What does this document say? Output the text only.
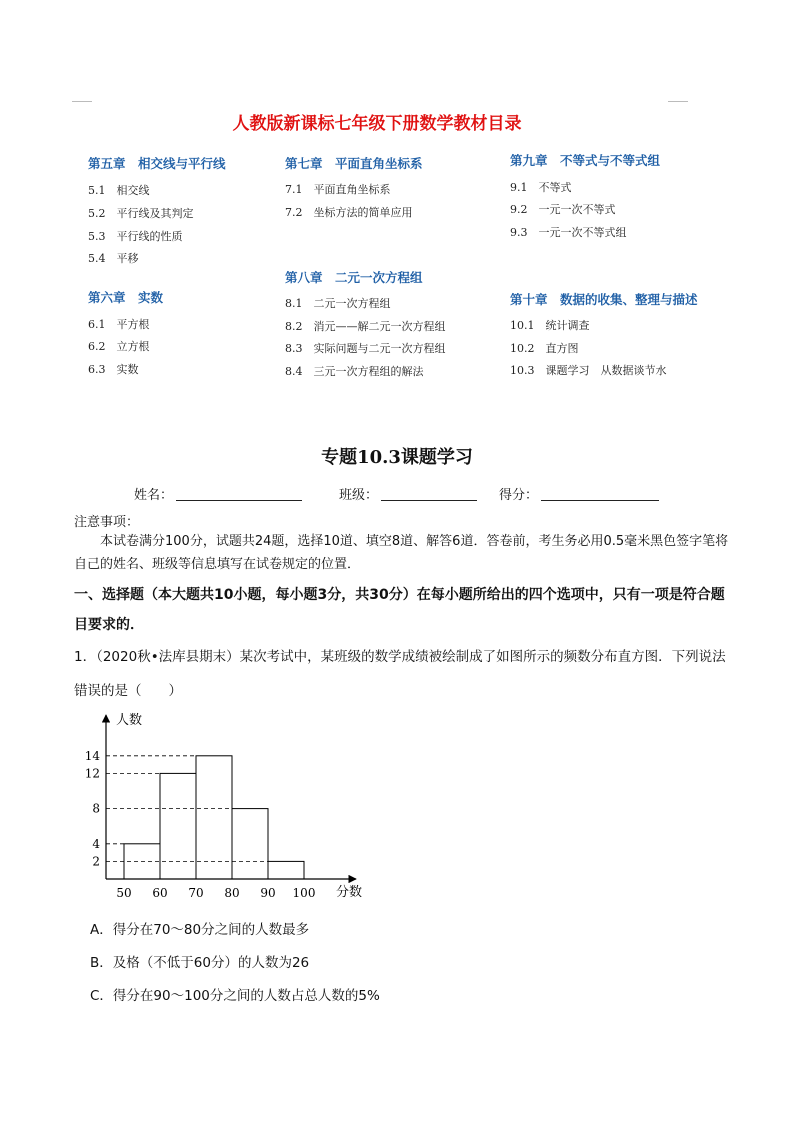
人教版新课标七年级下册数学教材目录
第五章　相交线与平行线
5.1　相交线
5.2　平行线及其判定
5.3　平行线的性质
5.4　平移
第六章　实数
6.1　平方根
6.2　立方根
6.3　实数
第七章　平面直角坐标系
7.1　平面直角坐标系
7.2　坐标方法的简单应用
第八章　二元一次方程组
8.1　二元一次方程组
8.2　消元——解二元一次方程组
8.3　实际问题与二元一次方程组
8.4　三元一次方程组的解法
第九章　不等式与不等式组
9.1　不等式
9.2　一元一次不等式
9.3　一元一次不等式组
第十章　数据的收集、整理与描述
10.1　统计调查
10.2　直方图
10.3　课题学习　从数据谈节水
专题10.3课题学习
姓名：	班级：	得分：
注意事项：
本试卷满分100分，试题共24题，选择10道、填空8道、解答6道．答卷前，考生务必用0.5毫米黑色签字笔将自己的姓名、班级等信息填写在试卷规定的位置．
一、选择题（本大题共10小题，每小题3分，共30分）在每小题所给出的四个选项中，只有一项是符合题目要求的．
1．（2020秋•法库县期末）某次考试中，某班级的数学成绩被绘制成了如图所示的频数分布直方图．下列说法错误的是（　　）
50 60 70 80 90 100
2
4
8
12
14
分数
人数
A．得分在70～80分之间的人数最多
B．及格（不低于60分）的人数为26
C．得分在90～100分之间的人数占总人数的5%
